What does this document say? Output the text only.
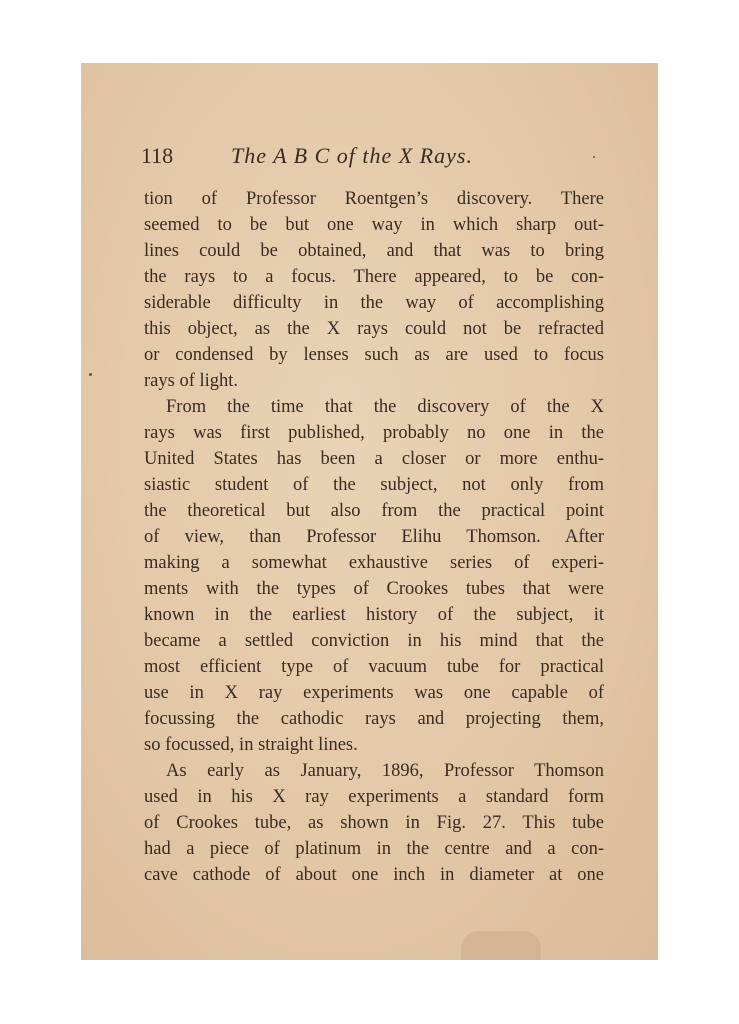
118	The A B C of the X Rays.
tion of Professor Roentgen’s discovery. There
seemed to be but one way in which sharp out-
lines could be obtained, and that was to bring
the rays to a focus. There appeared, to be con-
siderable difficulty in the way of accomplishing
this object, as the X rays could not be refracted
or condensed by lenses such as are used to focus
rays of light.
From the time that the discovery of the X
rays was first published, probably no one in the
United States has been a closer or more enthu-
siastic student of the subject, not only from
the theoretical but also from the practical point
of view, than Professor Elihu Thomson. After
making a somewhat exhaustive series of experi-
ments with the types of Crookes tubes that were
known in the earliest history of the subject, it
became a settled conviction in his mind that the
most efficient type of vacuum tube for practical
use in X ray experiments was one capable of
focussing the cathodic rays and projecting them,
so focussed, in straight lines.
As early as January, 1896, Professor Thomson
used in his X ray experiments a standard form
of Crookes tube, as shown in Fig. 27. This tube
had a piece of platinum in the centre and a con-
cave cathode of about one inch in diameter at one
